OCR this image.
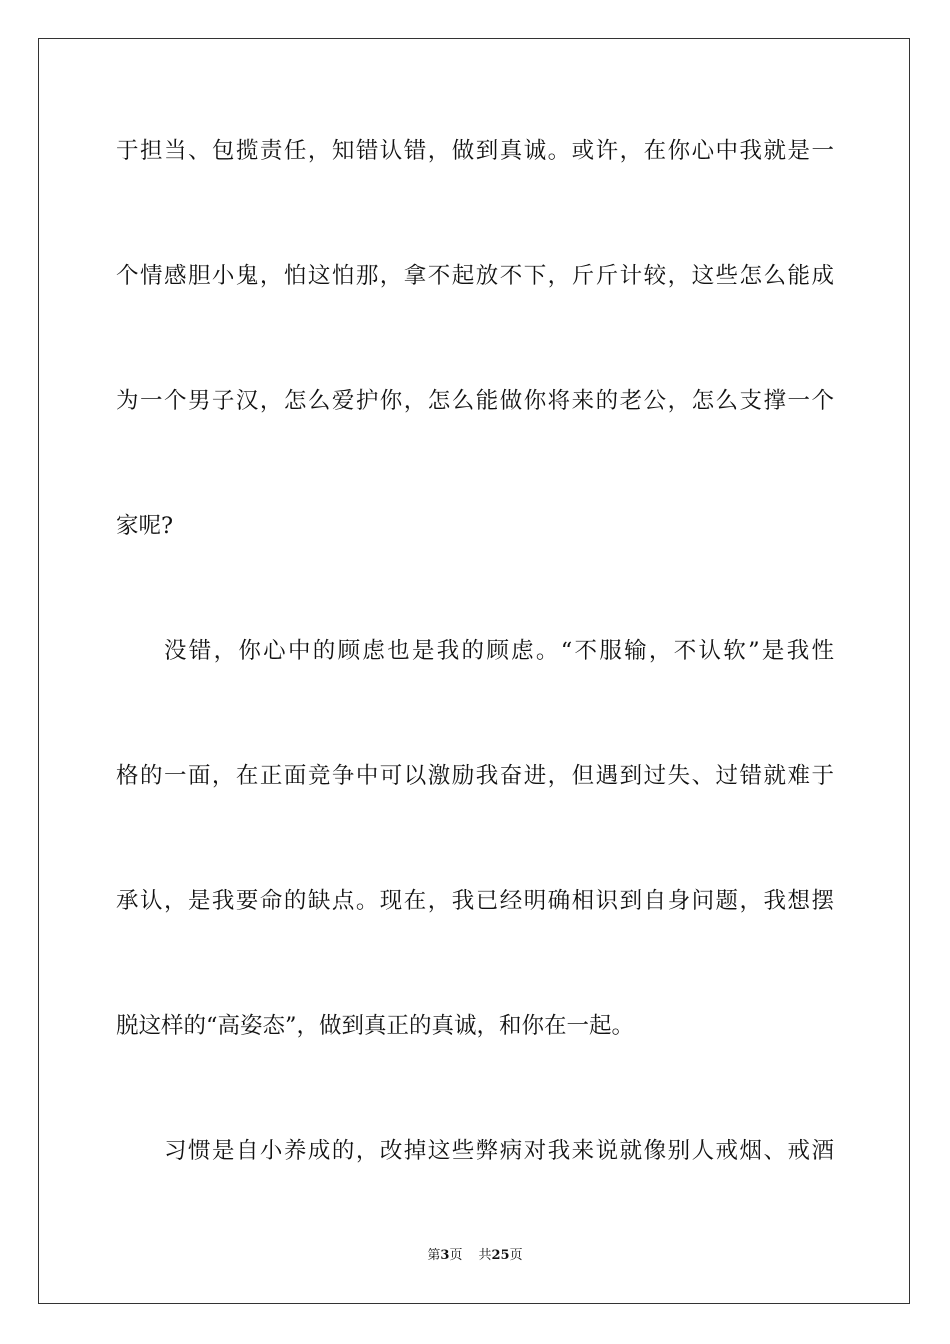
于担当、包揽责任，知错认错，做到真诚。或许，在你心中我就是一
个情感胆小鬼，怕这怕那，拿不起放不下，斤斤计较，这些怎么能成
为一个男子汉，怎么爱护你，怎么能做你将来的老公，怎么支撑一个
家呢?
没错，你心中的顾虑也是我的顾虑。“不服输，不认软”是我性
格的一面，在正面竞争中可以激励我奋进，但遇到过失、过错就难于
承认，是我要命的缺点。现在，我已经明确相识到自身问题，我想摆
脱这样的“高姿态”，做到真正的真诚，和你在一起。
习惯是自小养成的，改掉这些弊病对我来说就像别人戒烟、戒酒
第3页 共25页
